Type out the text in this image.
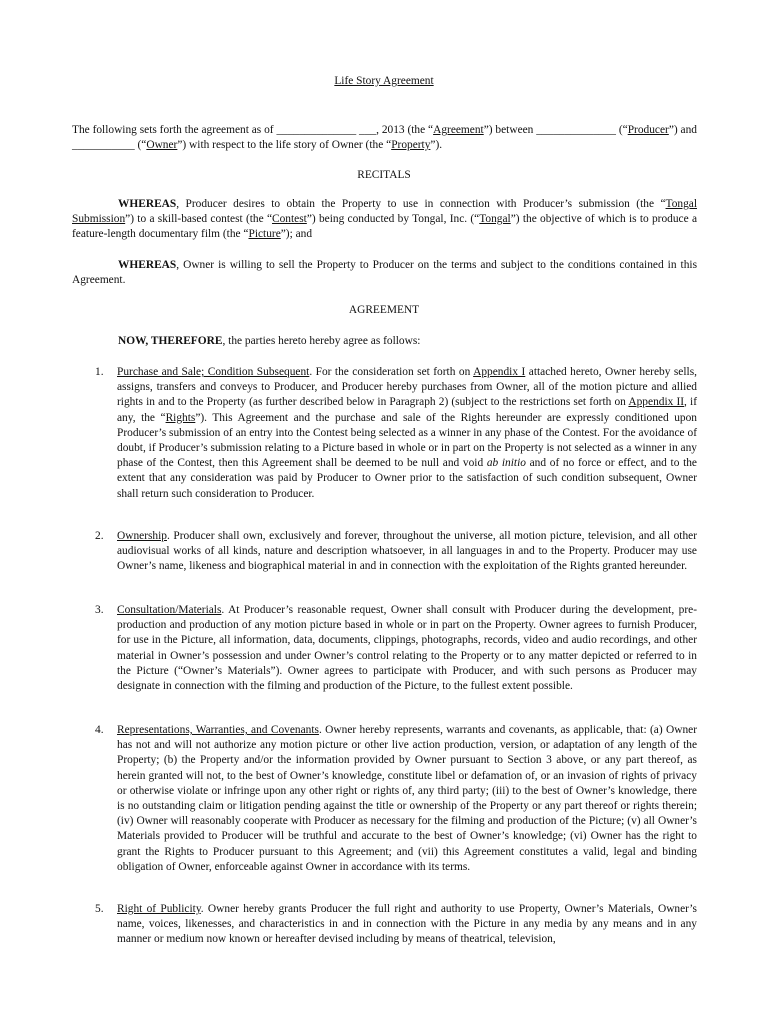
Life Story Agreement
The following sets forth the agreement as of ______________ ___, 2013 (the “Agreement”) between ______________ (“Producer”) and ___________ (“Owner”) with respect to the life story of Owner (the “Property”).
RECITALS
WHEREAS, Producer desires to obtain the Property to use in connection with Producer’s submission (the “Tongal Submission”) to a skill-based contest (the “Contest”) being conducted by Tongal, Inc. (“Tongal”) the objective of which is to produce a feature-length documentary film (the “Picture”); and
WHEREAS, Owner is willing to sell the Property to Producer on the terms and subject to the conditions contained in this Agreement.
AGREEMENT
NOW, THEREFORE, the parties hereto hereby agree as follows:
1.	Purchase and Sale; Condition Subsequent. For the consideration set forth on Appendix I attached hereto, Owner hereby sells, assigns, transfers and conveys to Producer, and Producer hereby purchases from Owner, all of the motion picture and allied rights in and to the Property (as further described below in Paragraph 2) (subject to the restrictions set forth on Appendix II, if any, the “Rights”). This Agreement and the purchase and sale of the Rights hereunder are expressly conditioned upon Producer’s submission of an entry into the Contest being selected as a winner in any phase of the Contest. For the avoidance of doubt, if Producer’s submission relating to a Picture based in whole or in part on the Property is not selected as a winner in any phase of the Contest, then this Agreement shall be deemed to be null and void ab initio and of no force or effect, and to the extent that any consideration was paid by Producer to Owner prior to the satisfaction of such condition subsequent, Owner shall return such consideration to Producer.
2.	Ownership. Producer shall own, exclusively and forever, throughout the universe, all motion picture, television, and all other audiovisual works of all kinds, nature and description whatsoever, in all languages in and to the Property. Producer may use Owner’s name, likeness and biographical material in and in connection with the exploitation of the Rights granted hereunder.
3.	Consultation/Materials. At Producer’s reasonable request, Owner shall consult with Producer during the development, pre-production and production of any motion picture based in whole or in part on the Property. Owner agrees to furnish Producer, for use in the Picture, all information, data, documents, clippings, photographs, records, video and audio recordings, and other material in Owner’s possession and under Owner’s control relating to the Property or to any matter depicted or referred to in the Picture (“Owner’s Materials”). Owner agrees to participate with Producer, and with such persons as Producer may designate in connection with the filming and production of the Picture, to the fullest extent possible.
4.	Representations, Warranties, and Covenants. Owner hereby represents, warrants and covenants, as applicable, that: (a) Owner has not and will not authorize any motion picture or other live action production, version, or adaptation of any length of the Property; (b) the Property and/or the information provided by Owner pursuant to Section 3 above, or any part thereof, as herein granted will not, to the best of Owner’s knowledge, constitute libel or defamation of, or an invasion of rights of privacy or otherwise violate or infringe upon any other right or rights of, any third party; (iii) to the best of Owner’s knowledge, there is no outstanding claim or litigation pending against the title or ownership of the Property or any part thereof or rights therein; (iv) Owner will reasonably cooperate with Producer as necessary for the filming and production of the Picture; (v) all Owner’s Materials provided to Producer will be truthful and accurate to the best of Owner’s knowledge; (vi) Owner has the right to grant the Rights to Producer pursuant to this Agreement; and (vii) this Agreement constitutes a valid, legal and binding obligation of Owner, enforceable against Owner in accordance with its terms.
5.	Right of Publicity. Owner hereby grants Producer the full right and authority to use Property, Owner’s Materials, Owner’s name, voices, likenesses, and characteristics in and in connection with the Picture in any media by any means and in any manner or medium now known or hereafter devised including by means of theatrical, television,
